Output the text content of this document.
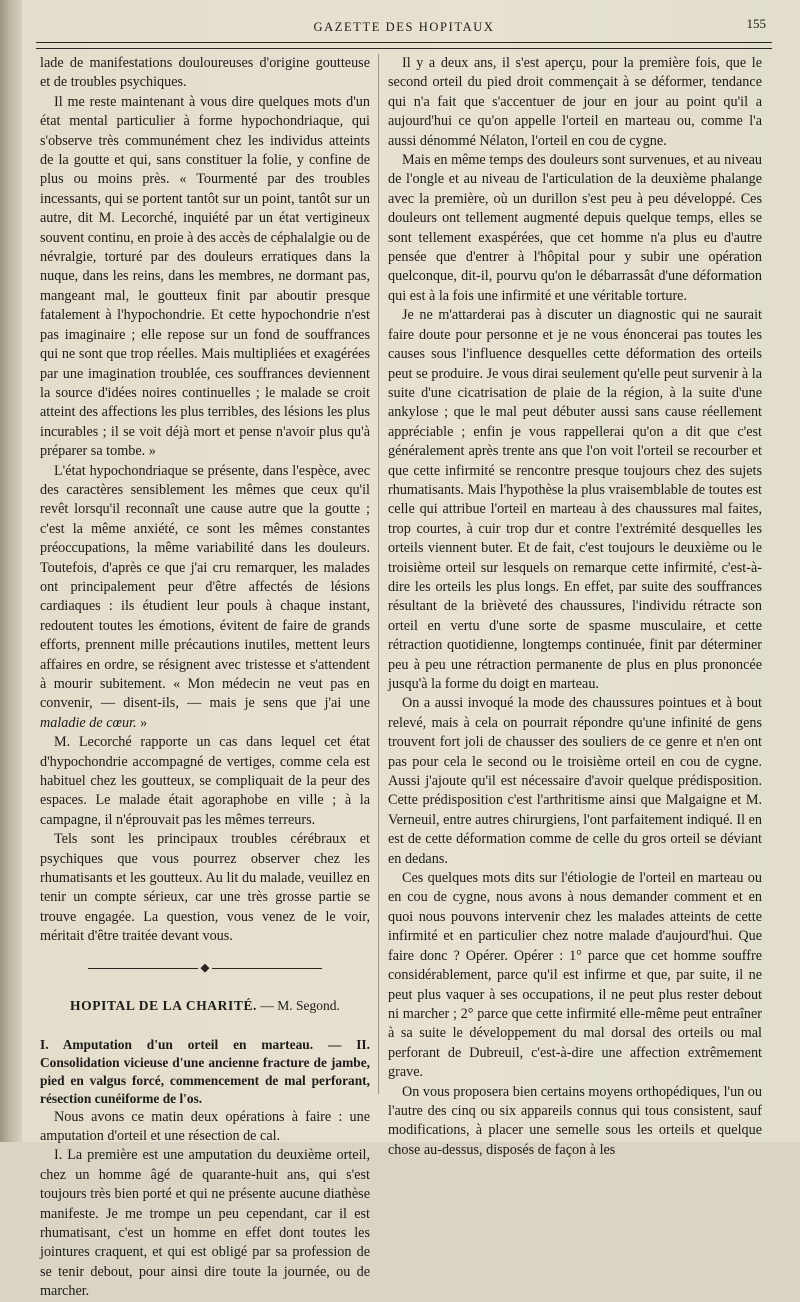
GAZETTE DES HOPITAUX	155

lade de manifestations douloureuses d'origine goutteuse et de troubles psychiques.

Il me reste maintenant à vous dire quelques mots d'un état mental particulier à forme hypochondriaque, qui s'observe très communément chez les individus atteints de la goutte et qui, sans constituer la folie, y confine de plus ou moins près. « Tourmenté par des troubles incessants, qui se portent tantôt sur un point, tantôt sur un autre, dit M. Lecorché, inquiété par un état vertigineux souvent continu, en proie à des accès de céphalalgie ou de névralgie, torturé par des douleurs erratiques dans la nuque, dans les reins, dans les membres, ne dormant pas, mangeant mal, le goutteux finit par aboutir presque fatalement à l'hypochondrie. Et cette hypochondrie n'est pas imaginaire ; elle repose sur un fond de souffrances qui ne sont que trop réelles. Mais multipliées et exagérées par une imagination troublée, ces souffrances deviennent la source d'idées noires continuelles ; le malade se croit atteint des affections les plus terribles, des lésions les plus incurables ; il se voit déjà mort et pense n'avoir plus qu'à préparer sa tombe. »

L'état hypochondriaque se présente, dans l'espèce, avec des caractères sensiblement les mêmes que ceux qu'il revêt lorsqu'il reconnaît une cause autre que la goutte ; c'est la même anxiété, ce sont les mêmes constantes préoccupations, la même variabilité dans les douleurs. Toutefois, d'après ce que j'ai cru remarquer, les malades ont principalement peur d'être affectés de lésions cardiaques : ils étudient leur pouls à chaque instant, redoutent toutes les émotions, évitent de faire de grands efforts, prennent mille précautions inutiles, mettent leurs affaires en ordre, se résignent avec tristesse et s'attendent à mourir subitement. « Mon médecin ne veut pas en convenir, — disent-ils, — mais je sens que j'ai une maladie de cœur. »

M. Lecorché rapporte un cas dans lequel cet état d'hypochondrie accompagné de vertiges, comme cela est habituel chez les goutteux, se compliquait de la peur des espaces. Le malade était agoraphobe en ville ; à la campagne, il n'éprouvait pas les mêmes terreurs.

Tels sont les principaux troubles cérébraux et psychiques que vous pourrez observer chez les rhumatisants et les goutteux. Au lit du malade, veuillez en tenir un compte sérieux, car une très grosse partie se trouve engagée. La question, vous venez de le voir, méritait d'être traitée devant vous.

◆
HOPITAL DE LA CHARITÉ. — M. Segond.

I. Amputation d'un orteil en marteau. — II. Consolidation vicieuse d'une ancienne fracture de jambe, pied en valgus forcé, commencement de mal perforant, résection cunéiforme de l'os.

Nous avons ce matin deux opérations à faire : une amputation d'orteil et une résection de cal.

I. La première est une amputation du deuxième orteil, chez un homme âgé de quarante-huit ans, qui s'est toujours très bien porté et qui ne présente aucune diathèse manifeste. Je me trompe un peu cependant, car il est rhumatisant, c'est un homme en effet dont toutes les jointures craquent, et qui est obligé par sa profession de se tenir debout, pour ainsi dire toute la journée, ou de marcher.

Il y a deux ans, il s'est aperçu, pour la première fois, que le second orteil du pied droit commençait à se déformer, tendance qui n'a fait que s'accentuer de jour en jour au point qu'il a aujourd'hui ce qu'on appelle l'orteil en marteau ou, comme l'a aussi dénommé Nélaton, l'orteil en cou de cygne.

Mais en même temps des douleurs sont survenues, et au niveau de l'ongle et au niveau de l'articulation de la deuxième phalange avec la première, où un durillon s'est peu à peu développé. Ces douleurs ont tellement augmenté depuis quelque temps, elles se sont tellement exaspérées, que cet homme n'a plus eu d'autre pensée que d'entrer à l'hôpital pour y subir une opération quelconque, dit-il, pourvu qu'on le débarrassât d'une déformation qui est à la fois une infirmité et une véritable torture.

Je ne m'attarderai pas à discuter un diagnostic qui ne saurait faire doute pour personne et je ne vous énoncerai pas toutes les causes sous l'influence desquelles cette déformation des orteils peut se produire. Je vous dirai seulement qu'elle peut survenir à la suite d'une cicatrisation de plaie de la région, à la suite d'une ankylose ; que le mal peut débuter aussi sans cause réellement appréciable ; enfin je vous rappellerai qu'on a dit que c'est généralement après trente ans que l'on voit l'orteil se recourber et que cette infirmité se rencontre presque toujours chez des sujets rhumatisants. Mais l'hypothèse la plus vraisemblable de toutes est celle qui attribue l'orteil en marteau à des chaussures mal faites, trop courtes, à cuir trop dur et contre l'extrémité desquelles les orteils viennent buter. Et de fait, c'est toujours le deuxième ou le troisième orteil sur lesquels on remarque cette infirmité, c'est-à-dire les orteils les plus longs. En effet, par suite des souffrances résultant de la brièveté des chaussures, l'individu rétracte son orteil en vertu d'une sorte de spasme musculaire, et cette rétraction quotidienne, longtemps continuée, finit par déterminer peu à peu une rétraction permanente de plus en plus prononcée jusqu'à la forme du doigt en marteau.

On a aussi invoqué la mode des chaussures pointues et à bout relevé, mais à cela on pourrait répondre qu'une infinité de gens trouvent fort joli de chausser des souliers de ce genre et n'en ont pas pour cela le second ou le troisième orteil en cou de cygne. Aussi j'ajoute qu'il est nécessaire d'avoir quelque prédisposition. Cette prédisposition c'est l'arthritisme ainsi que Malgaigne et M. Verneuil, entre autres chirurgiens, l'ont parfaitement indiqué. Il en est de cette déformation comme de celle du gros orteil se déviant en dedans.

Ces quelques mots dits sur l'étiologie de l'orteil en marteau ou en cou de cygne, nous avons à nous demander comment et en quoi nous pouvons intervenir chez les malades atteints de cette infirmité et en particulier chez notre malade d'aujourd'hui. Que faire donc ? Opérer. Opérer : 1° parce que cet homme souffre considérablement, parce qu'il est infirme et que, par suite, il ne peut plus vaquer à ses occupations, il ne peut plus rester debout ni marcher ; 2° parce que cette infirmité elle-même peut entraîner à sa suite le développement du mal dorsal des orteils ou mal perforant de Dubreuil, c'est-à-dire une affection extrêmement grave.

On vous proposera bien certains moyens orthopédiques, l'un ou l'autre des cinq ou six appareils connus qui tous consistent, sauf modifications, à placer une semelle sous les orteils et quelque chose au-dessus, disposés de façon à les
